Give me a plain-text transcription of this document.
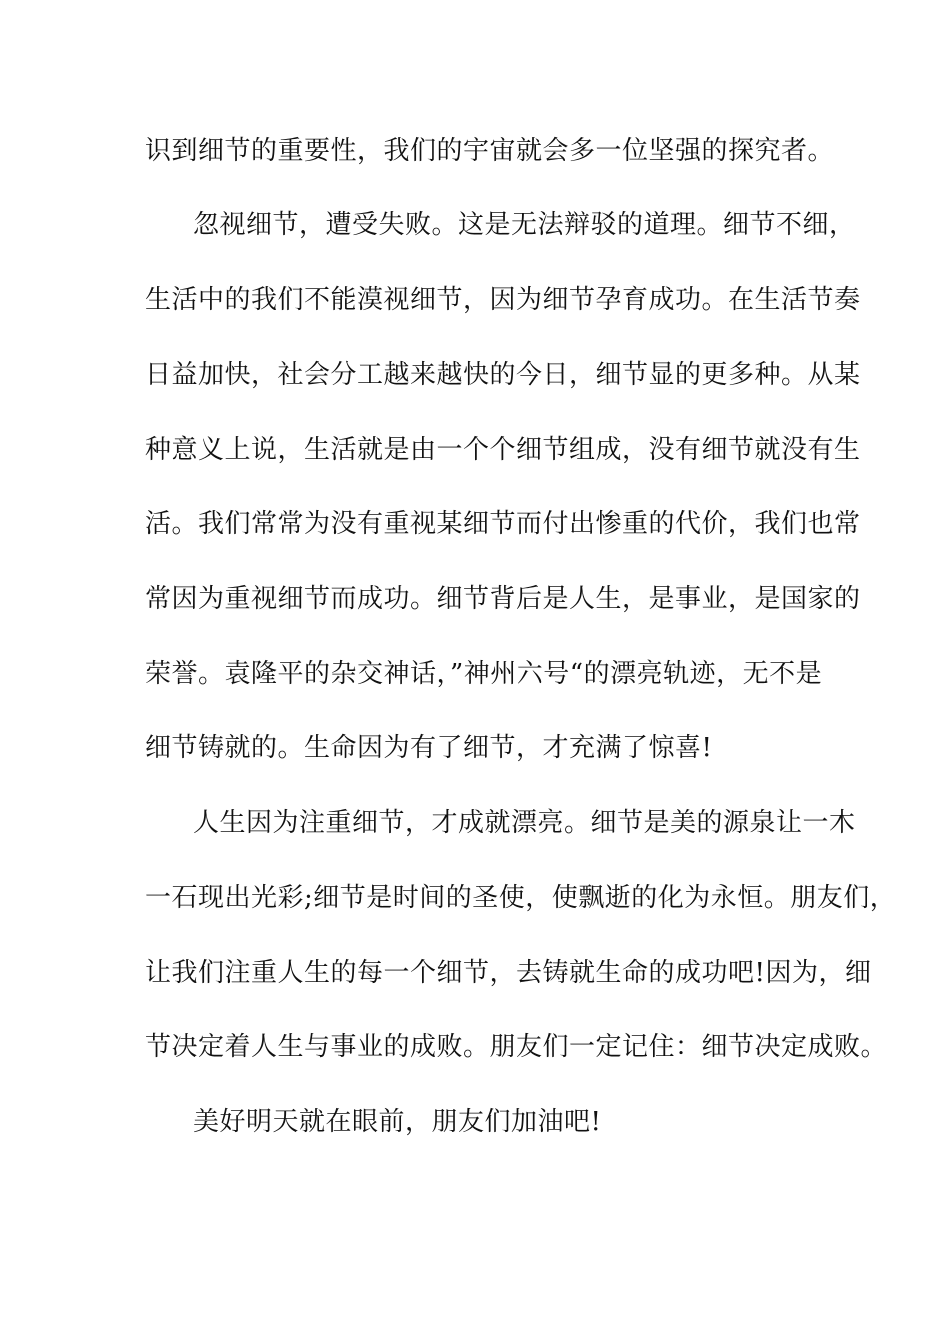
识到细节的重要性，我们的宇宙就会多一位坚强的探究者。
忽视细节，遭受失败。这是无法辩驳的道理。细节不细，
生活中的我们不能漠视细节，因为细节孕育成功。在生活节奏
日益加快，社会分工越来越快的今日，细节显的更多种。从某
种意义上说，生活就是由一个个细节组成，没有细节就没有生
活。我们常常为没有重视某细节而付出惨重的代价，我们也常
常因为重视细节而成功。细节背后是人生，是事业，是国家的
荣誉。袁隆平的杂交神话，”神州六号“的漂亮轨迹，无不是
细节铸就的。生命因为有了细节，才充满了惊喜!
人生因为注重细节，才成就漂亮。细节是美的源泉让一木
一石现出光彩;细节是时间的圣使，使飘逝的化为永恒。朋友们，
让我们注重人生的每一个细节，去铸就生命的成功吧!因为，细
节决定着人生与事业的成败。朋友们一定记住：细节决定成败。
美好明天就在眼前，朋友们加油吧!
